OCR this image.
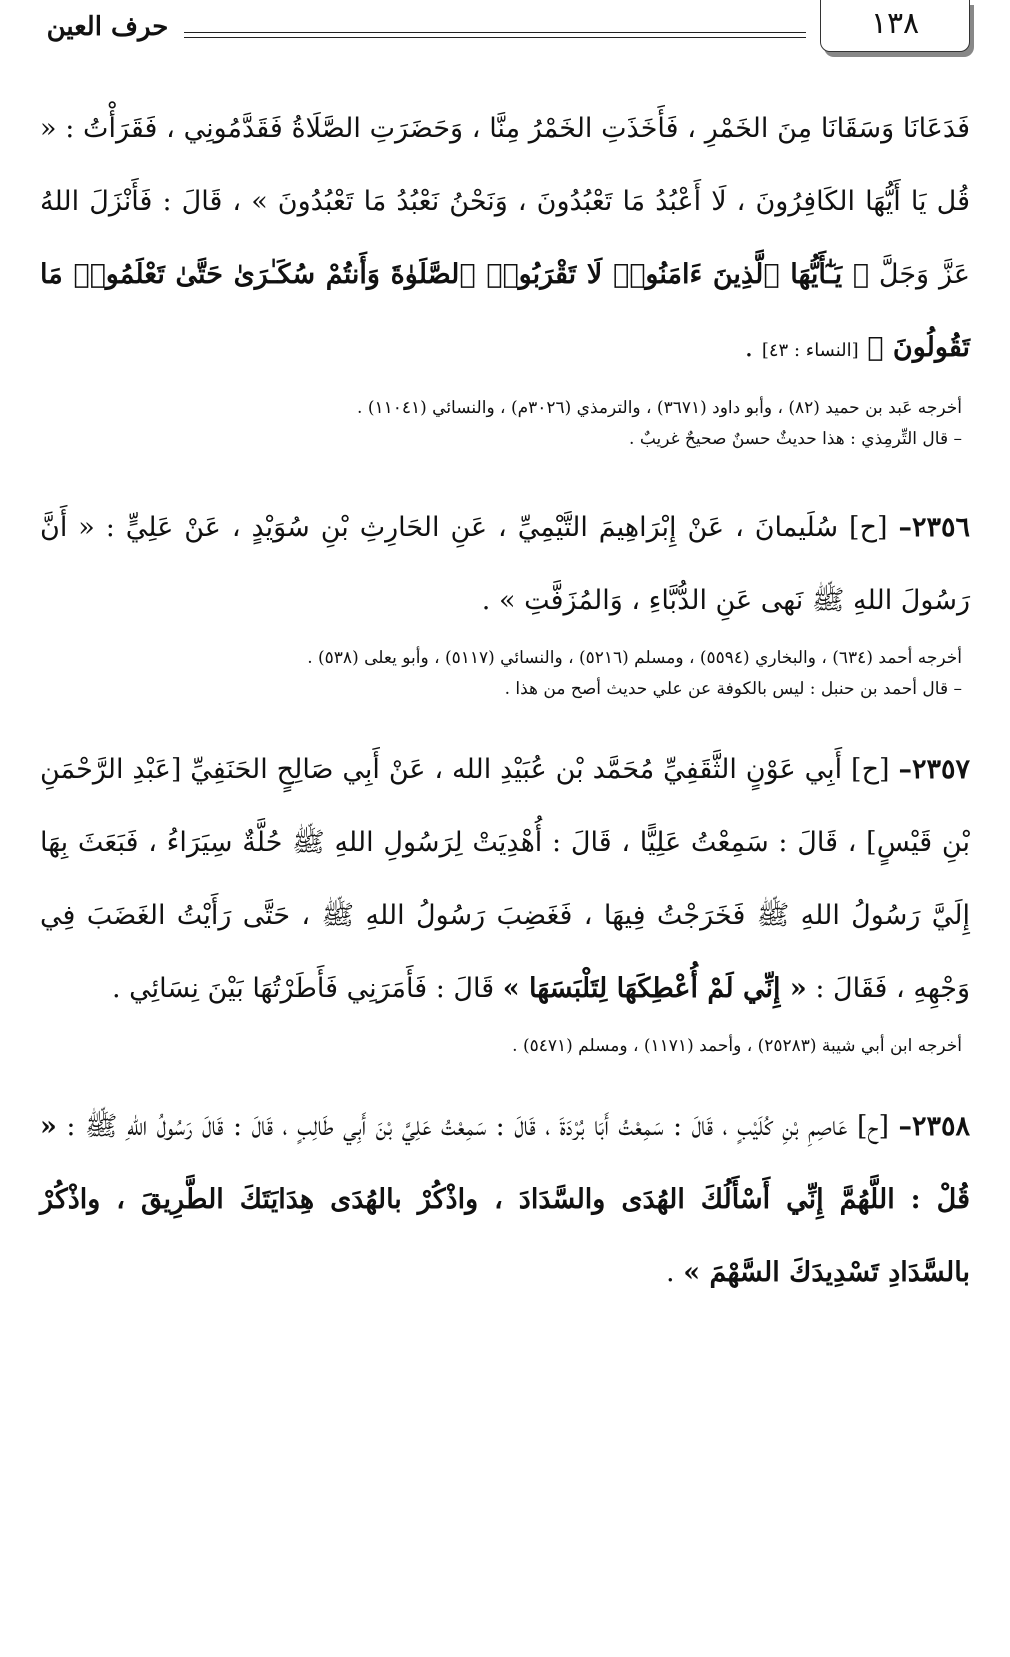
١٣٨
حرف العين

فَدَعَانَا وَسَقَانَا مِنَ الخَمْرِ ، فَأَخَذَتِ الخَمْرُ مِنَّا ، وَحَضَرَتِ الصَّلَاةُ فَقَدَّمُونِي ، فَقَرَأْتُ : « قُل يَا أَيُّهَا الكَافِرُونَ ، لَا أَعْبُدُ مَا تَعْبُدُونَ ، وَنَحْنُ نَعْبُدُ مَا تَعْبُدُونَ » ، قَالَ : فَأَنْزَلَ اللهُ عَزَّ وَجَلَّ ﴿ يَـٰٓأَيُّهَا ٱلَّذِينَ ءَامَنُوا۟ لَا تَقْرَبُوا۟ ٱلصَّلَوٰةَ وَأَنتُمْ سُكَـٰرَىٰ حَتَّىٰ تَعْلَمُوا۟ مَا تَقُولُونَ ﴾ [النساء : ٤٣] .

أخرجه عَبد بن حميد (٨٢) ، وأبو داود (٣٦٧١) ، والترمذي (٣٠٢٦م) ، والنسائي (١١٠٤١) .

– قال التِّرمِذي : هذا حديثٌ حسنٌ صحيحٌ غريبٌ .

٢٣٥٦– [ح] سُلَيمانَ ، عَنْ إِبْرَاهِيمَ التَّيْمِيِّ ، عَنِ الحَارِثِ بْنِ سُوَيْدٍ ، عَنْ عَلِيٍّ : « أَنَّ رَسُولَ اللهِ ﷺ نَهى عَنِ الدُّبَّاءِ ، وَالمُزَفَّتِ » .

أخرجه أحمد (٦٣٤) ، والبخاري (٥٥٩٤) ، ومسلم (٥٢١٦) ، والنسائي (٥١١٧) ، وأبو يعلى (٥٣٨) .

– قال أحمد بن حنبل : ليس بالكوفة عن علي حديث أصح من هذا .

٢٣٥٧– [ح] أَبِي عَوْنٍ الثَّقَفِيِّ مُحَمَّد بْن عُبَيْدِ الله ، عَنْ أَبِي صَالِحٍ الحَنَفِيِّ [عَبْدِ الرَّحْمَنِ بْنِ قَيْسٍ] ، قَالَ : سَمِعْتُ عَلِيًّا ، قَالَ : أُهْدِيَتْ لِرَسُولِ اللهِ ﷺ حُلَّةٌ سِيَرَاءُ ، فَبَعَثَ بِهَا إِلَيَّ رَسُولُ اللهِ ﷺ فَخَرَجْتُ فِيهَا ، فَغَضِبَ رَسُولُ اللهِ ﷺ ، حَتَّى رَأَيْتُ الغَضَبَ فِي وَجْهِهِ ، فَقَالَ : « إِنِّي لَمْ أُعْطِكَهَا لِتَلْبَسَهَا » قَالَ : فَأَمَرَنِي فَأَطَرْتُهَا بَيْنَ نِسَائِي .

أخرجه ابن أبي شيبة (٢٥٢٨٣) ، وأحمد (١١٧١) ، ومسلم (٥٤٧١) .

٢٣٥٨– [ح] عَاصِمِ بْنِ كُلَيْبٍ ، قَالَ : سَمِعْتُ أَبَا بُرْدَةَ ، قَالَ : سَمِعْتُ عَلِيَّ بْنَ أَبِي طَالِبٍ ، قَالَ : قَالَ رَسُولُ اللهِ ﷺ : « قُلْ : اللَّهُمَّ إِنِّي أَسْأَلُكَ الهُدَى والسَّدَادَ ، واذْكُرْ بالهُدَى هِدَايَتَكَ الطَّرِيقَ ، واذْكُرْ بالسَّدَادِ تَسْدِيدَكَ السَّهْمَ » .
